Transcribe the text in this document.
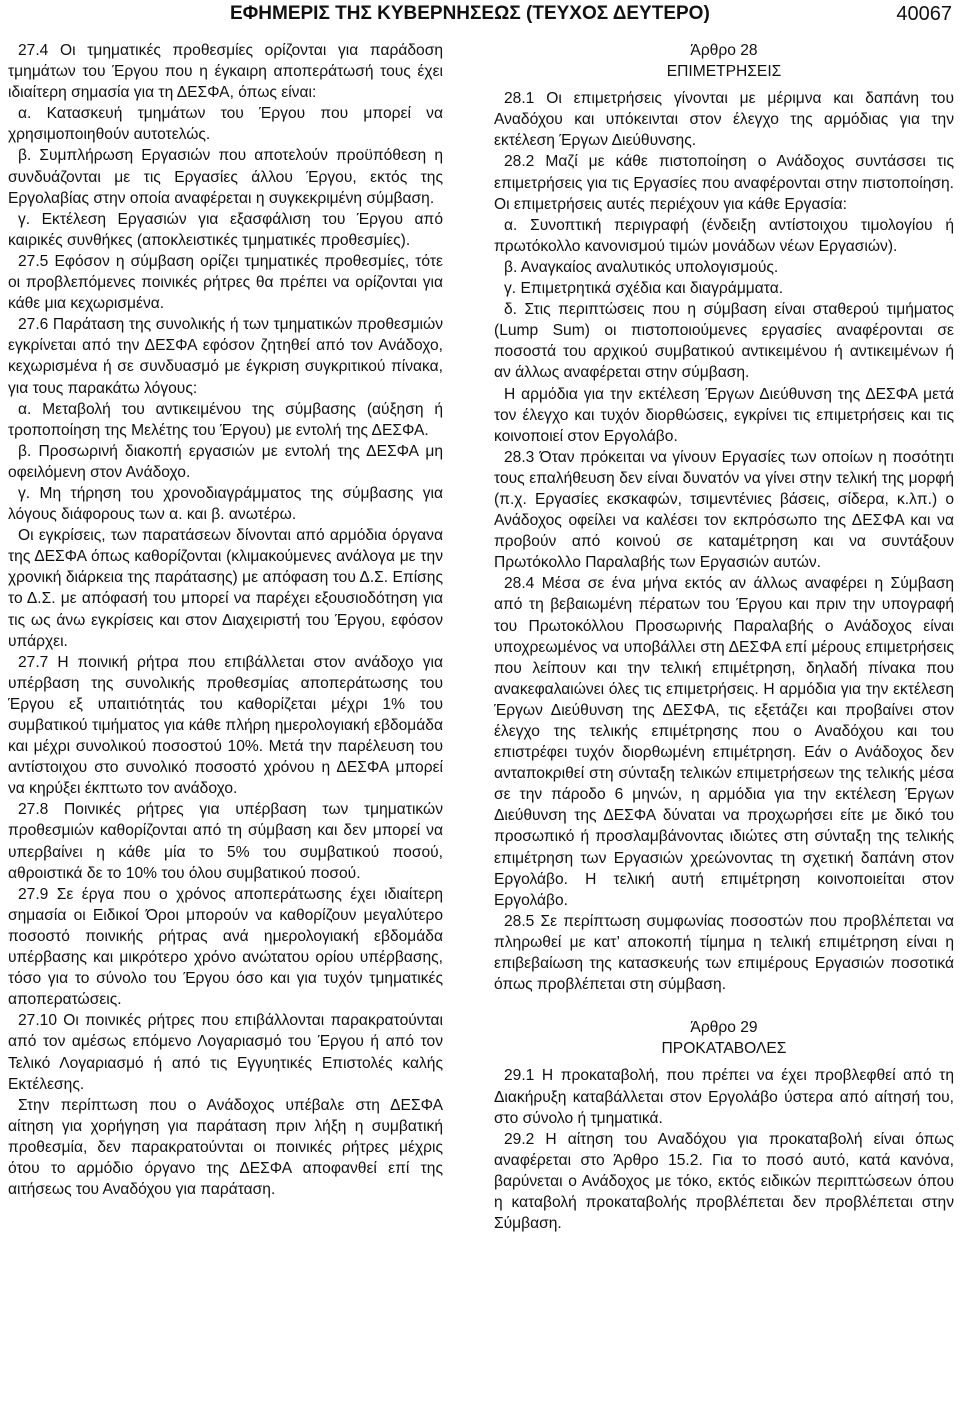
ΕΦΗΜΕΡΙΣ ΤΗΣ ΚΥΒΕΡΝΗΣΕΩΣ (ΤΕΥΧΟΣ ΔΕΥΤΕΡΟ)	40067

27.4 Οι τμηματικές προθεσμίες ορίζονται για παράδοση τμημάτων του Έργου που η έγκαιρη αποπεράτωσή τους έχει ιδιαίτερη σημασία για τη ΔΕΣΦΑ, όπως είναι:

α. Κατασκευή τμημάτων του Έργου που μπορεί να χρησιμοποιηθούν αυτοτελώς.

β. Συμπλήρωση Εργασιών που αποτελούν προϋπόθεση η συνδυάζονται με τις Εργασίες άλλου Έργου, εκτός της Εργολαβίας στην οποία αναφέρεται η συγκεκριμένη σύμβαση.

γ. Εκτέλεση Εργασιών για εξασφάλιση του Έργου από καιρικές συνθήκες (αποκλειστικές τμηματικές προθεσμίες).

27.5 Εφόσον η σύμβαση ορίζει τμηματικές προθεσμίες, τότε οι προβλεπόμενες ποινικές ρήτρες θα πρέπει να ορίζονται για κάθε μια κεχωρισμένα.

27.6 Παράταση της συνολικής ή των τμηματικών προθεσμιών εγκρίνεται από την ΔΕΣΦΑ εφόσον ζητηθεί από τον Ανάδοχο, κεχωρισμένα ή σε συνδυασμό με έγκριση συγκριτικού πίνακα, για τους παρακάτω λόγους:

α. Μεταβολή του αντικειμένου της σύμβασης (αύξηση ή τροποποίηση της Μελέτης του Έργου) με εντολή της ΔΕΣΦΑ.

β. Προσωρινή διακοπή εργασιών με εντολή της ΔΕΣΦΑ μη οφειλόμενη στον Ανάδοχο.

γ. Μη τήρηση του χρονοδιαγράμματος της σύμβασης για λόγους διάφορους των α. και β. ανωτέρω.

Οι εγκρίσεις, των παρατάσεων δίνονται από αρμόδια όργανα της ΔΕΣΦΑ όπως καθορίζονται (κλιμακούμενες ανάλογα με την χρονική διάρκεια της παράτασης) με απόφαση του Δ.Σ. Επίσης το Δ.Σ. με απόφασή του μπορεί να παρέχει εξουσιοδότηση για τις ως άνω εγκρίσεις και στον Διαχειριστή του Έργου, εφόσον υπάρχει.

27.7 Η ποινική ρήτρα που επιβάλλεται στον ανάδοχο για υπέρβαση της συνολικής προθεσμίας αποπεράτωσης του Έργου εξ υπαιτιότητάς του καθορίζεται μέχρι 1% του συμβατικού τιμήματος για κάθε πλήρη ημερολογιακή εβδομάδα και μέχρι συνολικού ποσοστού 10%. Μετά την παρέλευση του αντίστοιχου στο συνολικό ποσοστό χρόνου η ΔΕΣΦΑ μπορεί να κηρύξει έκπτωτο τον ανάδοχο.

27.8 Ποινικές ρήτρες για υπέρβαση των τμηματικών προθεσμιών καθορίζονται από τη σύμβαση και δεν μπορεί να υπερβαίνει η κάθε μία το 5% του συμβατικού ποσού, αθροιστικά δε το 10% του όλου συμβατικού ποσού.

27.9 Σε έργα που ο χρόνος αποπεράτωσης έχει ιδιαίτερη σημασία οι Ειδικοί Όροι μπορούν να καθορίζουν μεγαλύτερο ποσοστό ποινικής ρήτρας ανά ημερολογιακή εβδομάδα υπέρβασης και μικρότερο χρόνο ανώτατου ορίου υπέρβασης, τόσο για το σύνολο του Έργου όσο και για τυχόν τμηματικές αποπερατώσεις.

27.10 Οι ποινικές ρήτρες που επιβάλλονται παρακρατούνται από τον αμέσως επόμενο Λογαριασμό του Έργου ή από τον Τελικό Λογαριασμό ή από τις Εγγυητικές Επιστολές καλής Εκτέλεσης.

Στην περίπτωση που ο Ανάδοχος υπέβαλε στη ΔΕΣΦΑ αίτηση για χορήγηση για παράταση πριν λήξη η συμβατική προθεσμία, δεν παρακρατούνται οι ποινικές ρήτρες μέχρις ότου το αρμόδιο όργανο της ΔΕΣΦΑ αποφανθεί επί της αιτήσεως του Αναδόχου για παράταση.

Άρθρο 28

ΕΠΙΜΕΤΡΗΣΕΙΣ

28.1 Οι επιμετρήσεις γίνονται με μέριμνα και δαπάνη του Αναδόχου και υπόκεινται στον έλεγχο της αρμόδιας για την εκτέλεση Έργων Διεύθυνσης.

28.2 Μαζί με κάθε πιστοποίηση ο Ανάδοχος συντάσσει τις επιμετρήσεις για τις Εργασίες που αναφέρονται στην πιστοποίηση. Οι επιμετρήσεις αυτές περιέχουν για κάθε Εργασία:

α. Συνοπτική περιγραφή (ένδειξη αντίστοιχου τιμολογίου ή πρωτόκολλο κανονισμού τιμών μονάδων νέων Εργασιών).

β. Αναγκαίος αναλυτικός υπολογισμούς.

γ. Επιμετρητικά σχέδια και διαγράμματα.

δ. Στις περιπτώσεις που η σύμβαση είναι σταθερού τιμήματος (Lump Sum) οι πιστοποιούμενες εργασίες αναφέρονται σε ποσοστά του αρχικού συμβατικού αντικειμένου ή αντικειμένων ή αν άλλως αναφέρεται στην σύμβαση.

Η αρμόδια για την εκτέλεση Έργων Διεύθυνση της ΔΕΣΦΑ μετά τον έλεγχο και τυχόν διορθώσεις, εγκρίνει τις επιμετρήσεις και τις κοινοποιεί στον Εργολάβο.

28.3 Όταν πρόκειται να γίνουν Εργασίες των οποίων η ποσότητι τους επαλήθευση δεν είναι δυνατόν να γίνει στην τελική της μορφή (π.χ. Εργασίες εκσκαφών, τσιμεντένιες βάσεις, σίδερα, κ.λπ.) ο Ανάδοχος οφείλει να καλέσει τον εκπρόσωπο της ΔΕΣΦΑ και να προβούν από κοινού σε καταμέτρηση και να συντάξουν Πρωτόκολλο Παραλαβής των Εργασιών αυτών.

28.4 Μέσα σε ένα μήνα εκτός αν άλλως αναφέρει η Σύμβαση από τη βεβαιωμένη πέρατων του Έργου και πριν την υπογραφή του Πρωτοκόλλου Προσωρινής Παραλαβής ο Ανάδοχος είναι υποχρεωμένος να υποβάλλει στη ΔΕΣΦΑ επί μέρους επιμετρήσεις που λείπουν και την τελική επιμέτρηση, δηλαδή πίνακα που ανακεφαλαιώνει όλες τις επιμετρήσεις. Η αρμόδια για την εκτέλεση Έργων Διεύθυνση της ΔΕΣΦΑ, τις εξετάζει και προβαίνει στον έλεγχο της τελικής επιμέτρησης που ο Αναδόχου και του επιστρέφει τυχόν διορθωμένη επιμέτρηση. Εάν ο Ανάδοχος δεν ανταποκριθεί στη σύνταξη τελικών επιμετρήσεων της τελικής μέσα σε την πάροδο 6 μηνών, η αρμόδια για την εκτέλεση Έργων Διεύθυνση της ΔΕΣΦΑ δύναται να προχωρήσει είτε με δικό του προσωπικό ή προσλαμβάνοντας ιδιώτες στη σύνταξη της τελικής επιμέτρηση των Εργασιών χρεώνοντας τη σχετική δαπάνη στον Εργολάβο. Η τελική αυτή επιμέτρηση κοινοποιείται στον Εργολάβο.

28.5 Σε περίπτωση συμφωνίας ποσοστών που προβλέπεται να πληρωθεί με κατ’ αποκοπή τίμημα η τελική επιμέτρηση είναι η επιβεβαίωση της κατασκευής των επιμέρους Εργασιών ποσοτικά όπως προβλέπεται στη σύμβαση.

Άρθρο 29

ΠΡΟΚΑΤΑΒΟΛΕΣ

29.1 Η προκαταβολή, που πρέπει να έχει προβλεφθεί από τη Διακήρυξη καταβάλλεται στον Εργολάβο ύστερα από αίτησή του, στο σύνολο ή τμηματικά.

29.2 Η αίτηση του Αναδόχου για προκαταβολή είναι όπως αναφέρεται στο Άρθρο 15.2. Για το ποσό αυτό, κατά κανόνα, βαρύνεται ο Ανάδοχος με τόκο, εκτός ειδικών περιπτώσεων όπου η καταβολή προκαταβολής προβλέπεται δεν προβλέπεται στην Σύμβαση.
